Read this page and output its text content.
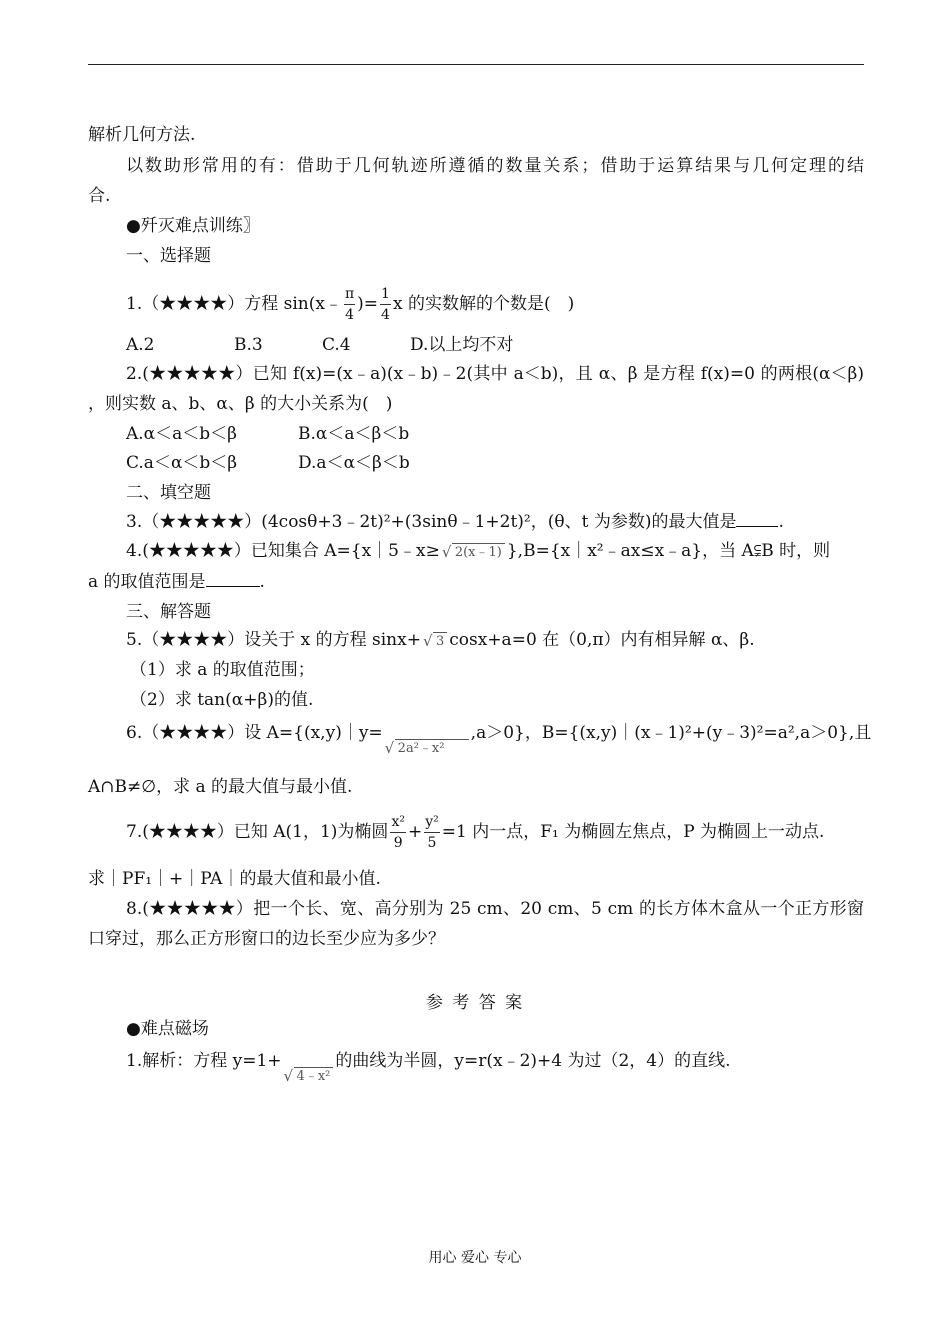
解析几何方法.
以数助形常用的有：借助于几何轨迹所遵循的数量关系；借助于运算结果与几何定理的结
合.
●歼灭难点训练〗
一、选择题
1.（★★★★）方程 sin(x﹣ $\frac{\pi}{4}$ )= $\frac{1}{4}$ x 的实数解的个数是(　)
A.2	B.3	C.4	D.以上均不对
2.(★★★★★）已知 f(x)=(x﹣a)(x﹣b)﹣2(其中 a＜b)，且 α、β 是方程 f(x)=0 的两根(α＜β)
，则实数 a、b、α、β 的大小关系为(　)
A.α＜a＜b＜β	B.α＜a＜β＜b
C.a＜α＜b＜β	D.a＜α＜β＜b
二、填空题
3.（★★★★★）(4cosθ+3﹣2t)²+(3sinθ﹣1+2t)²，(θ、t 为参数)的最大值是 .
4.(★★★★★）已知集合 A={x｜5﹣x≥ √ 2(x﹣1) },B={x｜x²﹣ax≤x﹣a}，当 A⫋B 时，则
a 的取值范围是	.
三、解答题
5.（★★★★）设关于 x 的方程 sinx+ √ 3 cosx+a=0 在（0,π）内有相异解 α、β.
（1）求 a 的取值范围；
（2）求 tan(α+β)的值.
6.（★★★★）设 A={(x,y)｜y=√ 2a²﹣x²,a＞0}，B={(x,y)｜(x﹣1)²+(y﹣3)²=a²,a＞0},且
A∩B≠∅，求 a 的最大值与最小值.
7.(★★★★）已知 A(1，1)为椭圆 $\frac{\text{x²}}{9} + \frac{\text{y²}}{5} =1$ 内一点，F₁ 为椭圆左焦点，P 为椭圆上一动点.
求｜PF₁｜+｜PA｜的最大值和最小值.
8.(★★★★★）把一个长、宽、高分别为 25 cm、20 cm、5 cm 的长方体木盒从一个正方形窗
口穿过，那么正方形窗口的边长至少应为多少？
参 考 答 案
●难点磁场
1.解析：方程 y=1+√ 4﹣x²的曲线为半圆，y=r(x﹣2)+4 为过（2，4）的直线.
用心 爱心 专心
